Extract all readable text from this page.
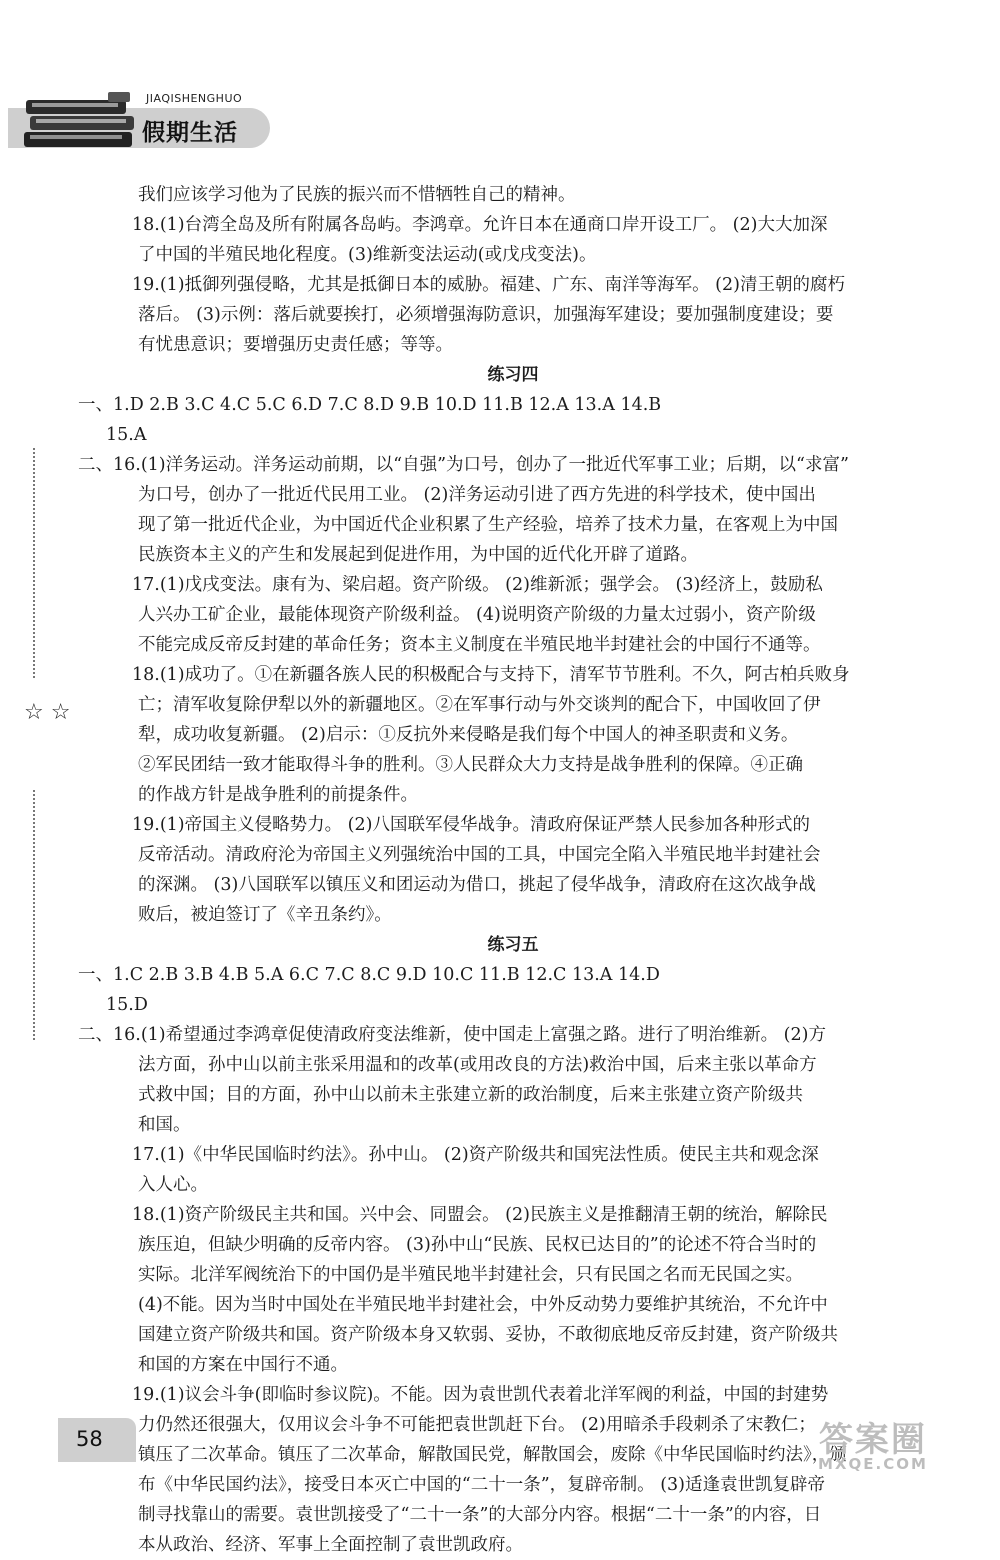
JIAQISHENGHUO
假期生活
☆ ☆
我们应该学习他为了民族的振兴而不惜牺牲自己的精神。
18.(1)台湾全岛及所有附属各岛屿。李鸿章。允许日本在通商口岸开设工厂。 (2)大大加深
了中国的半殖民地化程度。(3)维新变法运动(或戊戌变法)。
19.(1)抵御列强侵略，尤其是抵御日本的威胁。福建、广东、南洋等海军。 (2)清王朝的腐朽
落后。 (3)示例：落后就要挨打，必须增强海防意识，加强海军建设；要加强制度建设；要
有忧患意识；要增强历史责任感；等等。
练习四
一、1.D 2.B 3.C 4.C 5.C 6.D 7.C 8.D 9.B 10.D 11.B 12.A 13.A 14.B
15.A
二、16.(1)洋务运动。洋务运动前期，以“自强”为口号，创办了一批近代军事工业；后期，以“求富”
为口号，创办了一批近代民用工业。 (2)洋务运动引进了西方先进的科学技术，使中国出
现了第一批近代企业，为中国近代企业积累了生产经验，培养了技术力量，在客观上为中国
民族资本主义的产生和发展起到促进作用，为中国的近代化开辟了道路。
17.(1)戊戌变法。康有为、梁启超。资产阶级。 (2)维新派；强学会。 (3)经济上，鼓励私
人兴办工矿企业，最能体现资产阶级利益。 (4)说明资产阶级的力量太过弱小，资产阶级
不能完成反帝反封建的革命任务；资本主义制度在半殖民地半封建社会的中国行不通等。
18.(1)成功了。①在新疆各族人民的积极配合与支持下，清军节节胜利。不久，阿古柏兵败身
亡；清军收复除伊犁以外的新疆地区。②在军事行动与外交谈判的配合下，中国收回了伊
犁，成功收复新疆。 (2)启示：①反抗外来侵略是我们每个中国人的神圣职责和义务。
②军民团结一致才能取得斗争的胜利。③人民群众大力支持是战争胜利的保障。④正确
的作战方针是战争胜利的前提条件。
19.(1)帝国主义侵略势力。 (2)八国联军侵华战争。清政府保证严禁人民参加各种形式的
反帝活动。清政府沦为帝国主义列强统治中国的工具，中国完全陷入半殖民地半封建社会
的深渊。 (3)八国联军以镇压义和团运动为借口，挑起了侵华战争，清政府在这次战争战
败后，被迫签订了《辛丑条约》。
练习五
一、1.C 2.B 3.B 4.B 5.A 6.C 7.C 8.C 9.D 10.C 11.B 12.C 13.A 14.D
15.D
二、16.(1)希望通过李鸿章促使清政府变法维新，使中国走上富强之路。进行了明治维新。 (2)方
法方面，孙中山以前主张采用温和的改革(或用改良的方法)救治中国，后来主张以革命方
式救中国；目的方面，孙中山以前未主张建立新的政治制度，后来主张建立资产阶级共
和国。
17.(1)《中华民国临时约法》。孙中山。 (2)资产阶级共和国宪法性质。使民主共和观念深
入人心。
18.(1)资产阶级民主共和国。兴中会、同盟会。 (2)民族主义是推翻清王朝的统治，解除民
族压迫，但缺少明确的反帝内容。 (3)孙中山“民族、民权已达目的”的论述不符合当时的
实际。北洋军阀统治下的中国仍是半殖民地半封建社会，只有民国之名而无民国之实。
(4)不能。因为当时中国处在半殖民地半封建社会，中外反动势力要维护其统治，不允许中
国建立资产阶级共和国。资产阶级本身又软弱、妥协，不敢彻底地反帝反封建，资产阶级共
和国的方案在中国行不通。
19.(1)议会斗争(即临时参议院)。不能。因为袁世凯代表着北洋军阀的利益，中国的封建势
力仍然还很强大，仅用议会斗争不可能把袁世凯赶下台。 (2)用暗杀手段刺杀了宋教仁；
镇压了二次革命。镇压了二次革命，解散国民党，解散国会，废除《中华民国临时约法》，颁
布《中华民国约法》，接受日本灭亡中国的“二十一条”，复辟帝制。 (3)适逢袁世凯复辟帝
制寻找靠山的需要。袁世凯接受了“二十一条”的大部分内容。根据“二十一条”的内容，日
本从政治、经济、军事上全面控制了袁世凯政府。
58	答案圈
MXQE.COM
